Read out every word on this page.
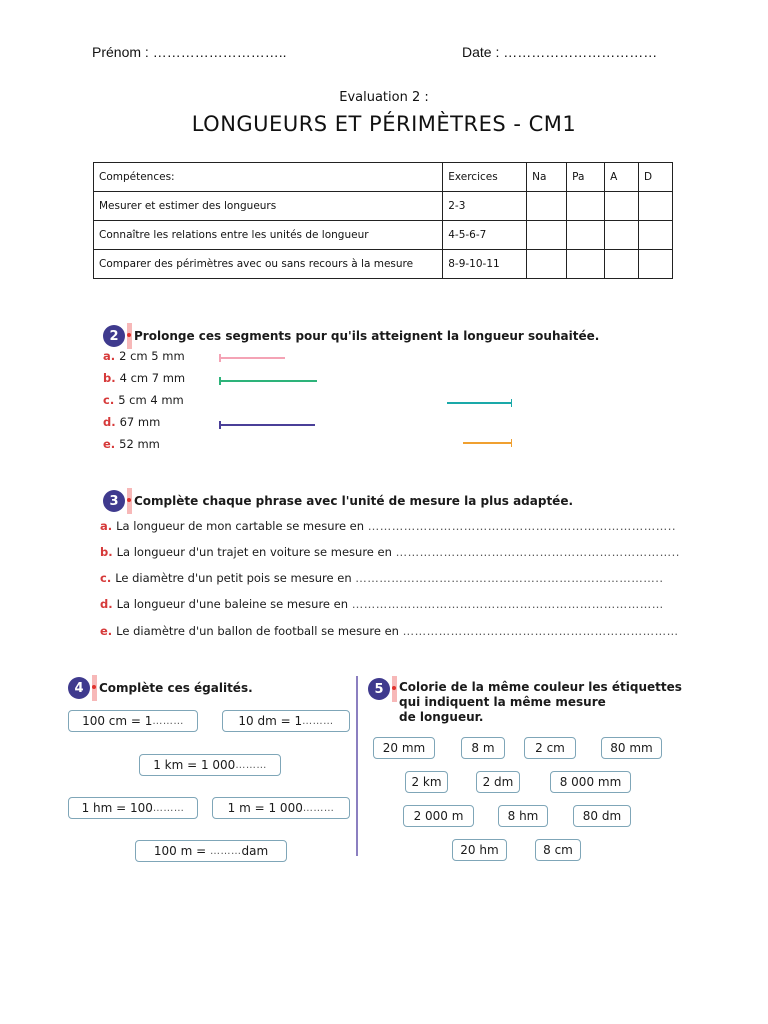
Prénom : ………………………..	Date : ……………………………
Evaluation 2 :
LONGUEURS ET PÉRIMÈTRES - CM1
Compétences:	Exercices	Na	Pa	A	D
Mesurer et estimer des longueurs	2-3				
Connaître les relations entre les unités de longueur	4-5-6-7				
Comparer des périmètres avec ou sans recours à la mesure	8-9-10-11				
2 Prolonge ces segments pour qu'ils atteignent la longueur souhaitée.
a. 2 cm 5 mm
b. 4 cm 7 mm
c. 5 cm 4 mm
d. 67 mm
e. 52 mm
3 Complète chaque phrase avec l'unité de mesure la plus adaptée.
a. La longueur de mon cartable se mesure en …………………………………………………………………..
b. La longueur d'un trajet en voiture se mesure en ……………………………………………………………..
c. Le diamètre d'un petit pois se mesure en …………………………………………………………………..
d. La longueur d'une baleine se mesure en ……………………………………………………………………
e. Le diamètre d'un ballon de football se mesure en ……………………………………………………………
4 Complète ces égalités.
100 cm = 1 ………	10 dm = 1 ………
1 km = 1 000 ………
1 hm = 100 ………	1 m = 1 000 ………
100 m =
……… dam
5 Colorie de la même couleur les étiquettes
qui indiquent la même mesure
de longueur.
20 mm	8 m	2 cm	80 mm
2 km	2 dm	8 000 mm
2 000 m	8 hm	80 dm
20 hm	8 cm
